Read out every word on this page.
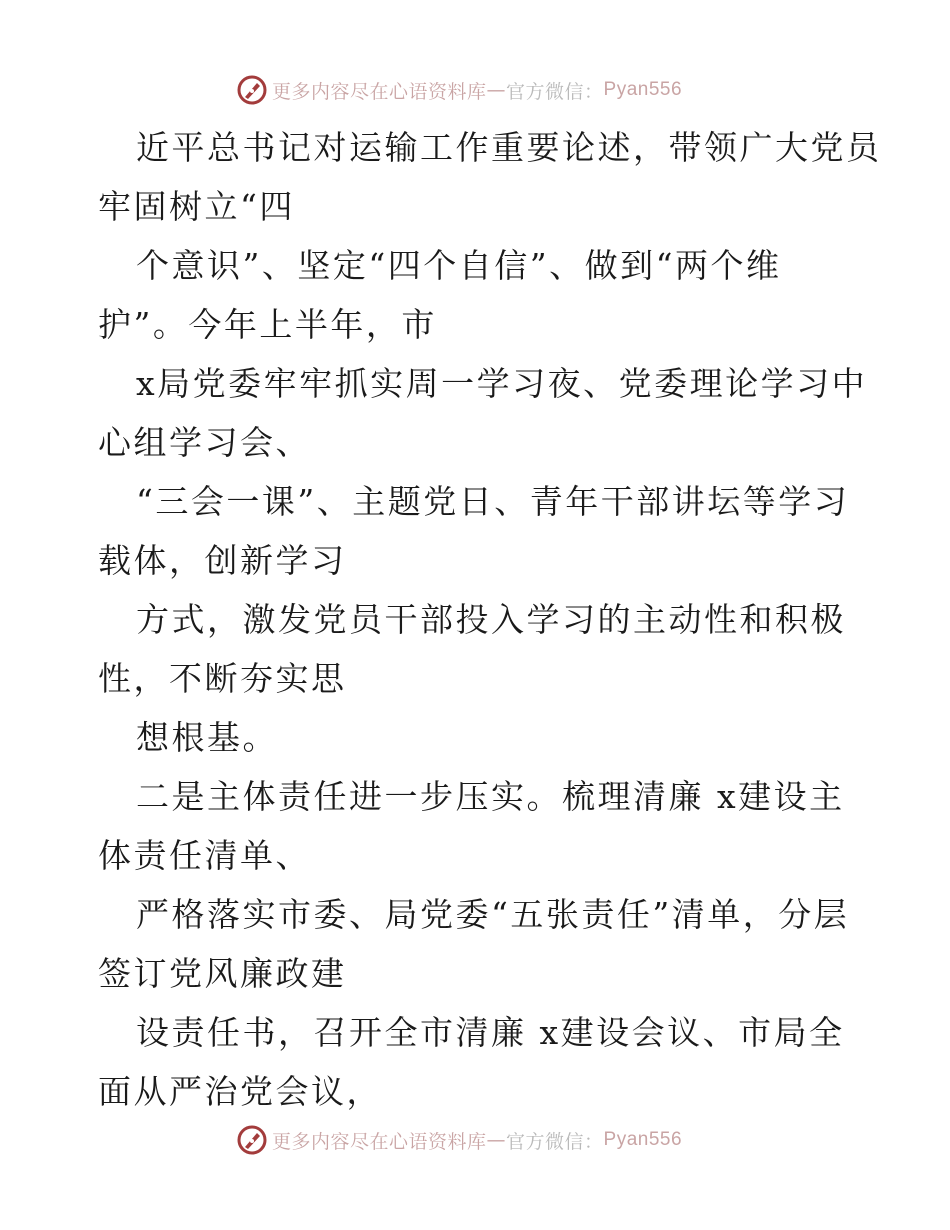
更多内容尽在心语资料库 — 官方微信： Pyan556
近平总书记对运输工作重要论述，带领广大党员
牢固树立“四
个意识”、坚定“四个自信”、做到“两个维
护”。今年上半年，市
x局党委牢牢抓实周一学习夜、党委理论学习中
心组学习会、
“三会一课”、主题党日、青年干部讲坛等学习
载体，创新学习
方式，激发党员干部投入学习的主动性和积极
性，不断夯实思
想根基。
二是主体责任进一步压实。梳理清廉 x建设主
体责任清单、
严格落实市委、局党委“五张责任”清单，分层
签订党风廉政建
设责任书，召开全市清廉 x建设会议、市局全
面从严治党会议，
更多内容尽在心语资料库 — 官方微信： Pyan556
